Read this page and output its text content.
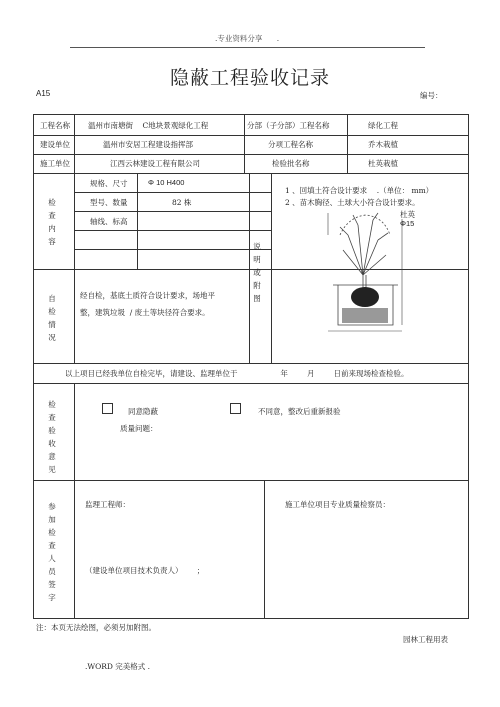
.专业资料分享      .
隐蔽工程验收记录
A15	编号：
工程名称 温州市南塘街    C地块景观绿化工程	分部（子分部）工程名称	绿化工程
建设单位	温州市安居工程建设指挥部	分项工程名称	乔木栽植
施工单位	江西云林建设工程有限公司	检验批名称	杜英栽植
检查内容
规格、尺寸	Φ 10 H400
型号、数量	82 株
轴线、标高
说明或附图
1 、回填土符合设计要求    .（单位： mm）
2 、苗木胸径、土球大小符合设计要求。
杜英
Φ15
自检情况
经自检，基底土质符合设计要求，场地平
整，建筑垃圾  / 废土等块径符合要求。
以上项目已经我单位自检完毕，请建设、监理单位于                  年        月        日前来现场检查检验。
检查验收意见
同意隐蔽	不同意，整改后重新报验
质量问题：
参加检查人员签字
监理工程师：
（建设单位项目技术负责人）      ；
施工单位项目专业质量检察员：
注：本页无法绘图，必须另加附图。
园林工程用表
.WORD 完美格式 .
